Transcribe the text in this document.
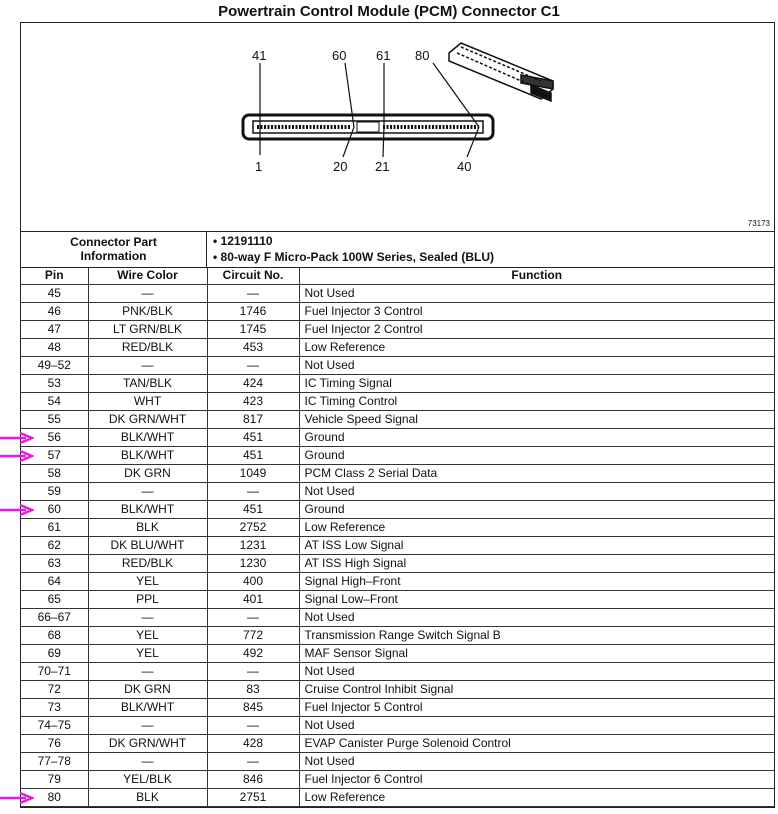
Powertrain Control Module (PCM) Connector C1
41	60 61 80
1	20 21	40
73173
Connector Part
Information
• 12191110
• 80-way F Micro-Pack 100W Series, Sealed (BLU)
Pin	Wire Color	Circuit No.	Function
45	—	—	Not Used
46	PNK/BLK	1746	Fuel Injector 3 Control
47	LT GRN/BLK	1745	Fuel Injector 2 Control
48	RED/BLK	453	Low Reference
49–52	—	—	Not Used
53	TAN/BLK	424	IC Timing Signal
54	WHT	423	IC Timing Control
55	DK GRN/WHT	817	Vehicle Speed Signal
56	BLK/WHT	451	Ground
57	BLK/WHT	451	Ground
58	DK GRN	1049	PCM Class 2 Serial Data
59	—	—	Not Used
60	BLK/WHT	451	Ground
61	BLK	2752	Low Reference
62	DK BLU/WHT	1231	AT ISS Low Signal
63	RED/BLK	1230	AT ISS High Signal
64	YEL	400	Signal High–Front
65	PPL	401	Signal Low–Front
66–67	—	—	Not Used
68	YEL	772	Transmission Range Switch Signal B
69	YEL	492	MAF Sensor Signal
70–71	—	—	Not Used
72	DK GRN	83	Cruise Control Inhibit Signal
73	BLK/WHT	845	Fuel Injector 5 Control
74–75	—	—	Not Used
76	DK GRN/WHT	428	EVAP Canister Purge Solenoid Control
77–78	—	—	Not Used
79	YEL/BLK	846	Fuel Injector 6 Control
80	BLK	2751	Low Reference
